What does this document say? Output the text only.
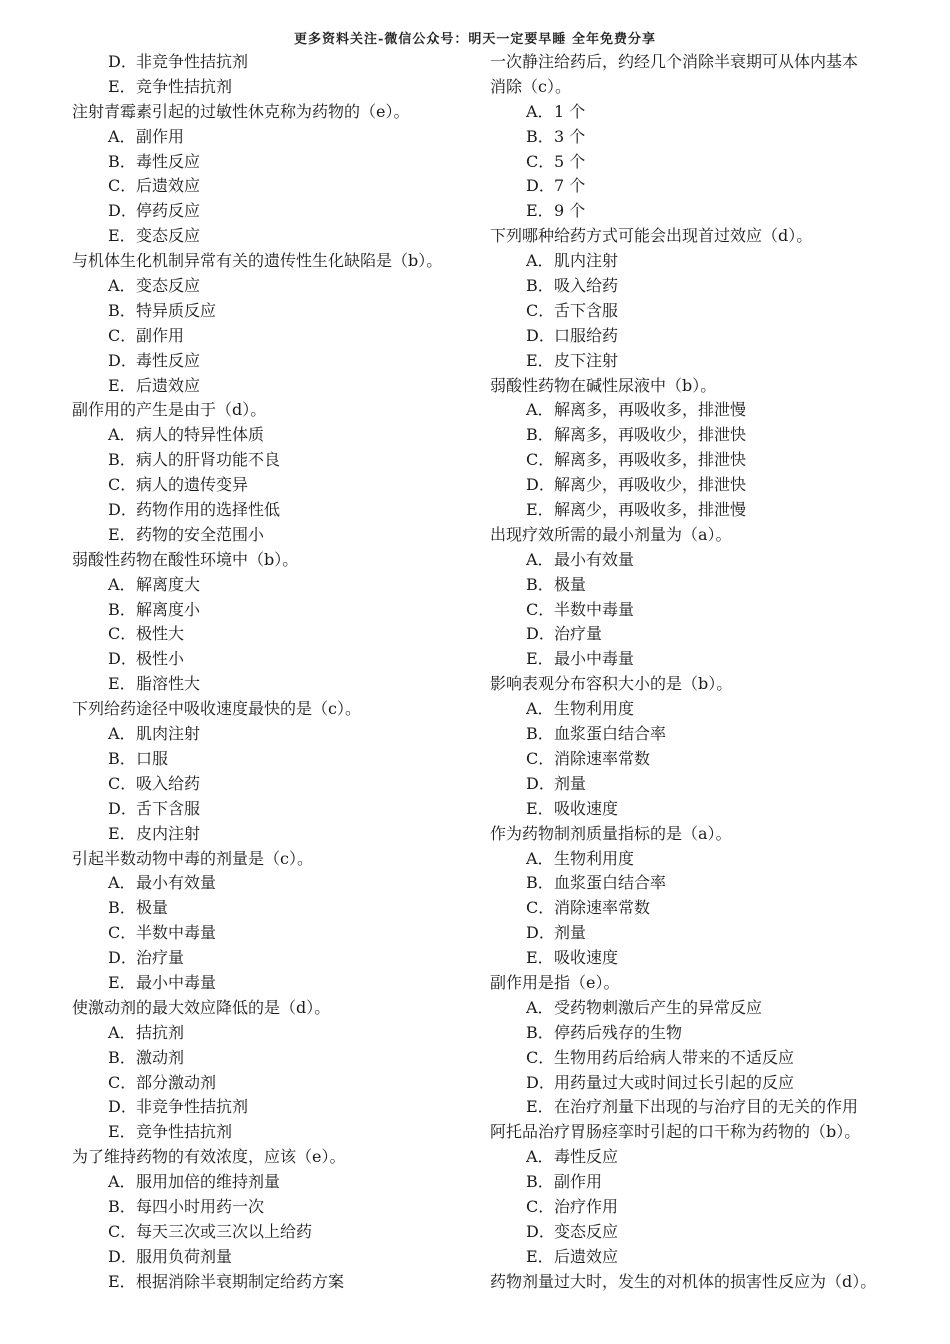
更多资料关注-微信公众号：明天一定要早睡 全年免费分享
D．非竞争性拮抗剂
E．竞争性拮抗剂
注射青霉素引起的过敏性休克称为药物的（e）。
A．副作用
B．毒性反应
C．后遗效应
D．停药反应
E．变态反应
与机体生化机制异常有关的遗传性生化缺陷是（b）。
A．变态反应
B．特异质反应
C．副作用
D．毒性反应
E．后遗效应
副作用的产生是由于（d）。
A．病人的特异性体质
B．病人的肝肾功能不良
C．病人的遗传变异
D．药物作用的选择性低
E．药物的安全范围小
弱酸性药物在酸性环境中（b）。
A．解离度大
B．解离度小
C．极性大
D．极性小
E．脂溶性大
下列给药途径中吸收速度最快的是（c）。
A．肌肉注射
B．口服
C．吸入给药
D．舌下含服
E．皮内注射
引起半数动物中毒的剂量是（c）。
A．最小有效量
B．极量
C．半数中毒量
D．治疗量
E．最小中毒量
使激动剂的最大效应降低的是（d）。
A．拮抗剂
B．激动剂
C．部分激动剂
D．非竞争性拮抗剂
E．竞争性拮抗剂
为了维持药物的有效浓度，应该（e）。
A．服用加倍的维持剂量
B．每四小时用药一次
C．每天三次或三次以上给药
D．服用负荷剂量
E．根据消除半衰期制定给药方案
一次静注给药后，约经几个消除半衰期可从体内基本
消除（c）。
A．1 个
B．3 个
C．5 个
D．7 个
E．9 个
下列哪种给药方式可能会出现首过效应（d）。
A．肌内注射
B．吸入给药
C．舌下含服
D．口服给药
E．皮下注射
弱酸性药物在碱性尿液中（b）。
A．解离多，再吸收多，排泄慢
B．解离多，再吸收少，排泄快
C．解离多，再吸收多，排泄快
D．解离少，再吸收少，排泄快
E．解离少，再吸收多，排泄慢
出现疗效所需的最小剂量为（a）。
A．最小有效量
B．极量
C．半数中毒量
D．治疗量
E．最小中毒量
影响表观分布容积大小的是（b）。
A．生物利用度
B．血浆蛋白结合率
C．消除速率常数
D．剂量
E．吸收速度
作为药物制剂质量指标的是（a）。
A．生物利用度
B．血浆蛋白结合率
C．消除速率常数
D．剂量
E．吸收速度
副作用是指（e）。
A．受药物刺激后产生的异常反应
B．停药后残存的生物
C．生物用药后给病人带来的不适反应
D．用药量过大或时间过长引起的反应
E．在治疗剂量下出现的与治疗目的无关的作用
阿托品治疗胃肠痉挛时引起的口干称为药物的（b）。
A．毒性反应
B．副作用
C．治疗作用
D．变态反应
E．后遗效应
药物剂量过大时，发生的对机体的损害性反应为（d）。
